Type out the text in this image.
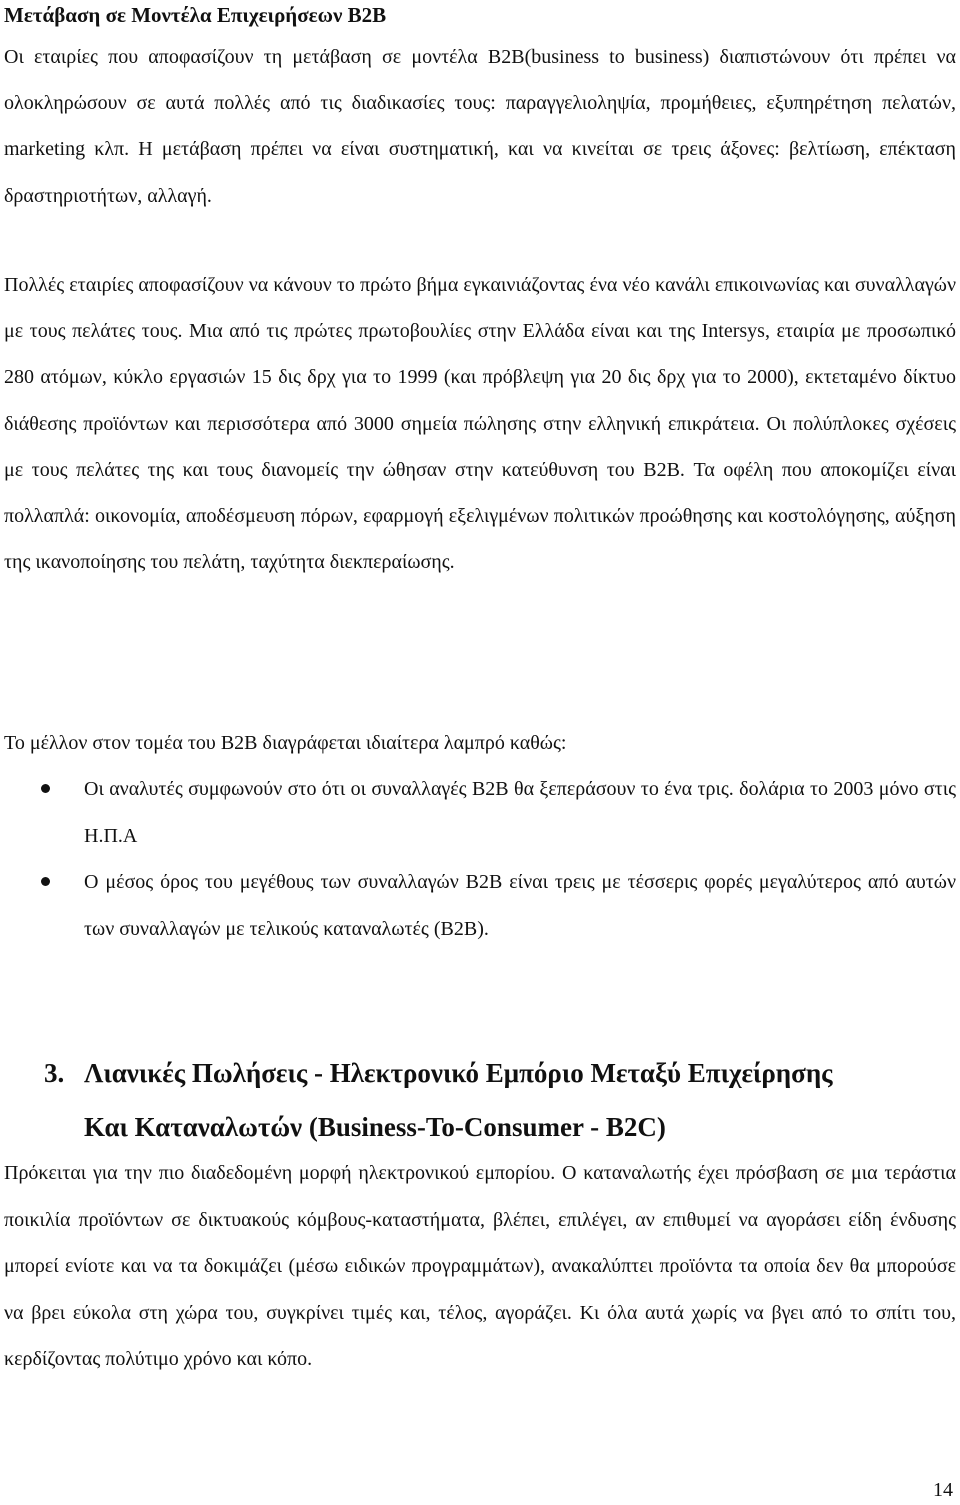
Μετάβαση σε Μοντέλα Επιχειρήσεων B2B

Οι εταιρίες που αποφασίζουν τη μετάβαση σε μοντέλα B2B(business to business) διαπιστώνουν ότι πρέπει να ολοκληρώσουν σε αυτά πολλές από τις διαδικασίες τους: παραγγελιοληψία, προμήθειες, εξυπηρέτηση πελατών, marketing κλπ. Η μετάβαση πρέπει να είναι συστηματική, και να κινείται σε τρεις άξονες: βελτίωση, επέκταση δραστηριοτήτων, αλλαγή.

Πολλές εταιρίες αποφασίζουν να κάνουν το πρώτο βήμα εγκαινιάζοντας ένα νέο κανάλι επικοινωνίας και συναλλαγών με τους πελάτες τους. Μια από τις πρώτες πρωτοβουλίες στην Ελλάδα είναι και της Intersys, εταιρία με προσωπικό 280 ατόμων, κύκλο εργασιών 15 δις δρχ για το 1999 (και πρόβλεψη για 20 δις δρχ για το 2000), εκτεταμένο δίκτυο διάθεσης προϊόντων και περισσότερα από 3000 σημεία πώλησης στην ελληνική επικράτεια. Οι πολύπλοκες σχέσεις με τους πελάτες της και τους διανομείς την ώθησαν στην κατεύθυνση του B2B. Τα οφέλη που αποκομίζει είναι πολλαπλά: οικονομία, αποδέσμευση πόρων, εφαρμογή εξελιγμένων πολιτικών προώθησης και κοστολόγησης, αύξηση της ικανοποίησης του πελάτη, ταχύτητα διεκπεραίωσης.

Το μέλλον στον τομέα του B2B διαγράφεται ιδιαίτερα λαμπρό καθώς:

Οι αναλυτές συμφωνούν στο ότι οι συναλλαγές B2B θα ξεπεράσουν το ένα τρις. δολάρια το 2003 μόνο στις Η.Π.Α
Ο μέσος όρος του μεγέθους των συναλλαγών B2B είναι τρεις με τέσσερις φορές μεγαλύτερος από αυτών των συναλλαγών με τελικούς καταναλωτές (B2B).
3. Λιανικές Πωλήσεις - Ηλεκτρονικό Εμπόριο Μεταξύ Επιχείρησης
Και Καταναλωτών (Business-To-Consumer - B2C)

Πρόκειται για την πιο διαδεδομένη μορφή ηλεκτρονικού εμπορίου. Ο καταναλωτής έχει πρόσβαση σε μια τεράστια ποικιλία προϊόντων σε δικτυακούς κόμβους-καταστήματα, βλέπει, επιλέγει, αν επιθυμεί να αγοράσει είδη ένδυσης μπορεί ενίοτε και να τα δοκιμάζει (μέσω ειδικών προγραμμάτων), ανακαλύπτει προϊόντα τα οποία δεν θα μπορούσε να βρει εύκολα στη χώρα του, συγκρίνει τιμές και, τέλος, αγοράζει. Κι όλα αυτά χωρίς να βγει από το σπίτι του, κερδίζοντας πολύτιμο χρόνο και κόπο.

14
